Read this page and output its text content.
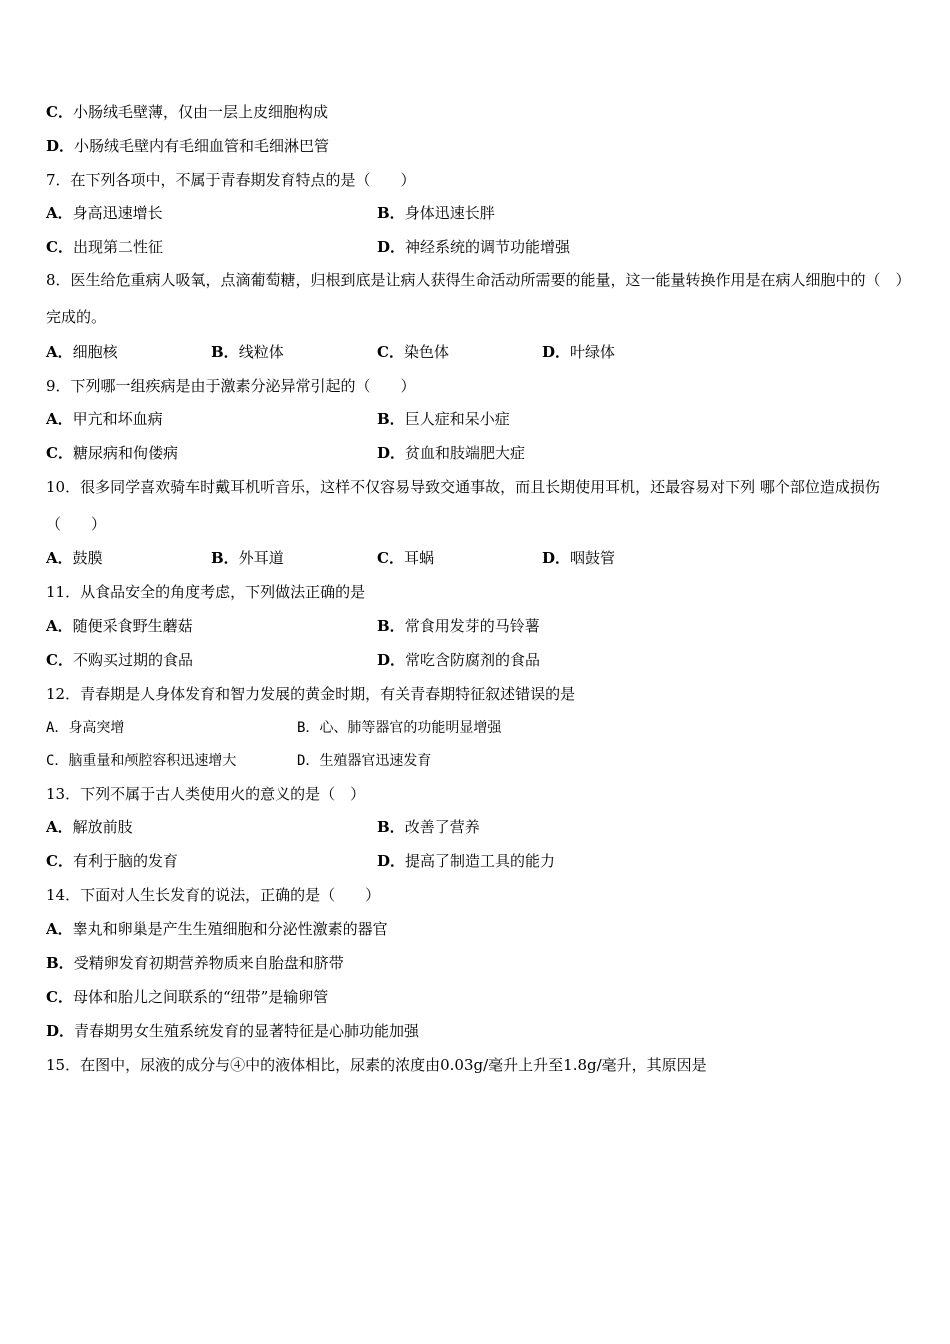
C．小肠绒毛壁薄，仅由一层上皮细胞构成
D．小肠绒毛壁内有毛细血管和毛细淋巴管
7．在下列各项中，不属于青春期发育特点的是（　　）
A．身高迅速增长	B．身体迅速长胖
C．出现第二性征	D．神经系统的调节功能增强
8．医生给危重病人吸氧，点滴葡萄糖，归根到底是让病人获得生命活动所需要的能量，这一能量转换作用是在病人细胞中的（　）完成的。
A．细胞核	B．线粒体	C．染色体	D．叶绿体
9．下列哪一组疾病是由于激素分泌异常引起的（　　）
A．甲亢和坏血病	B．巨人症和呆小症
C．糖尿病和佝偻病	D．贫血和肢端肥大症
10．很多同学喜欢骑车时戴耳机听音乐，这样不仅容易导致交通事故，而且长期使用耳机，还最容易对下列 哪个部位造成损伤（　　）
A．鼓膜	B．外耳道	C．耳蜗	D．咽鼓管
11．从食品安全的角度考虑，下列做法正确的是
A．随便采食野生蘑菇	B．常食用发芽的马铃薯
C．不购买过期的食品	D．常吃含防腐剂的食品
12．青春期是人身体发育和智力发展的黄金时期，有关青春期特征叙述错误的是
A．身高突增	B．心、肺等器官的功能明显增强
C．脑重量和颅腔容积迅速增大	D．生殖器官迅速发育
13．下列不属于古人类使用火的意义的是（　）
A．解放前肢	B．改善了营养
C．有利于脑的发育	D．提高了制造工具的能力
14．下面对人生长发育的说法，正确的是（　　）
A．睾丸和卵巢是产生生殖细胞和分泌性激素的器官
B．受精卵发育初期营养物质来自胎盘和脐带
C．母体和胎儿之间联系的“纽带”是输卵管
D．青春期男女生殖系统发育的显著特征是心肺功能加强
15．在图中，尿液的成分与④中的液体相比，尿素的浓度由0.03g/毫升上升至1.8g/毫升，其原因是
